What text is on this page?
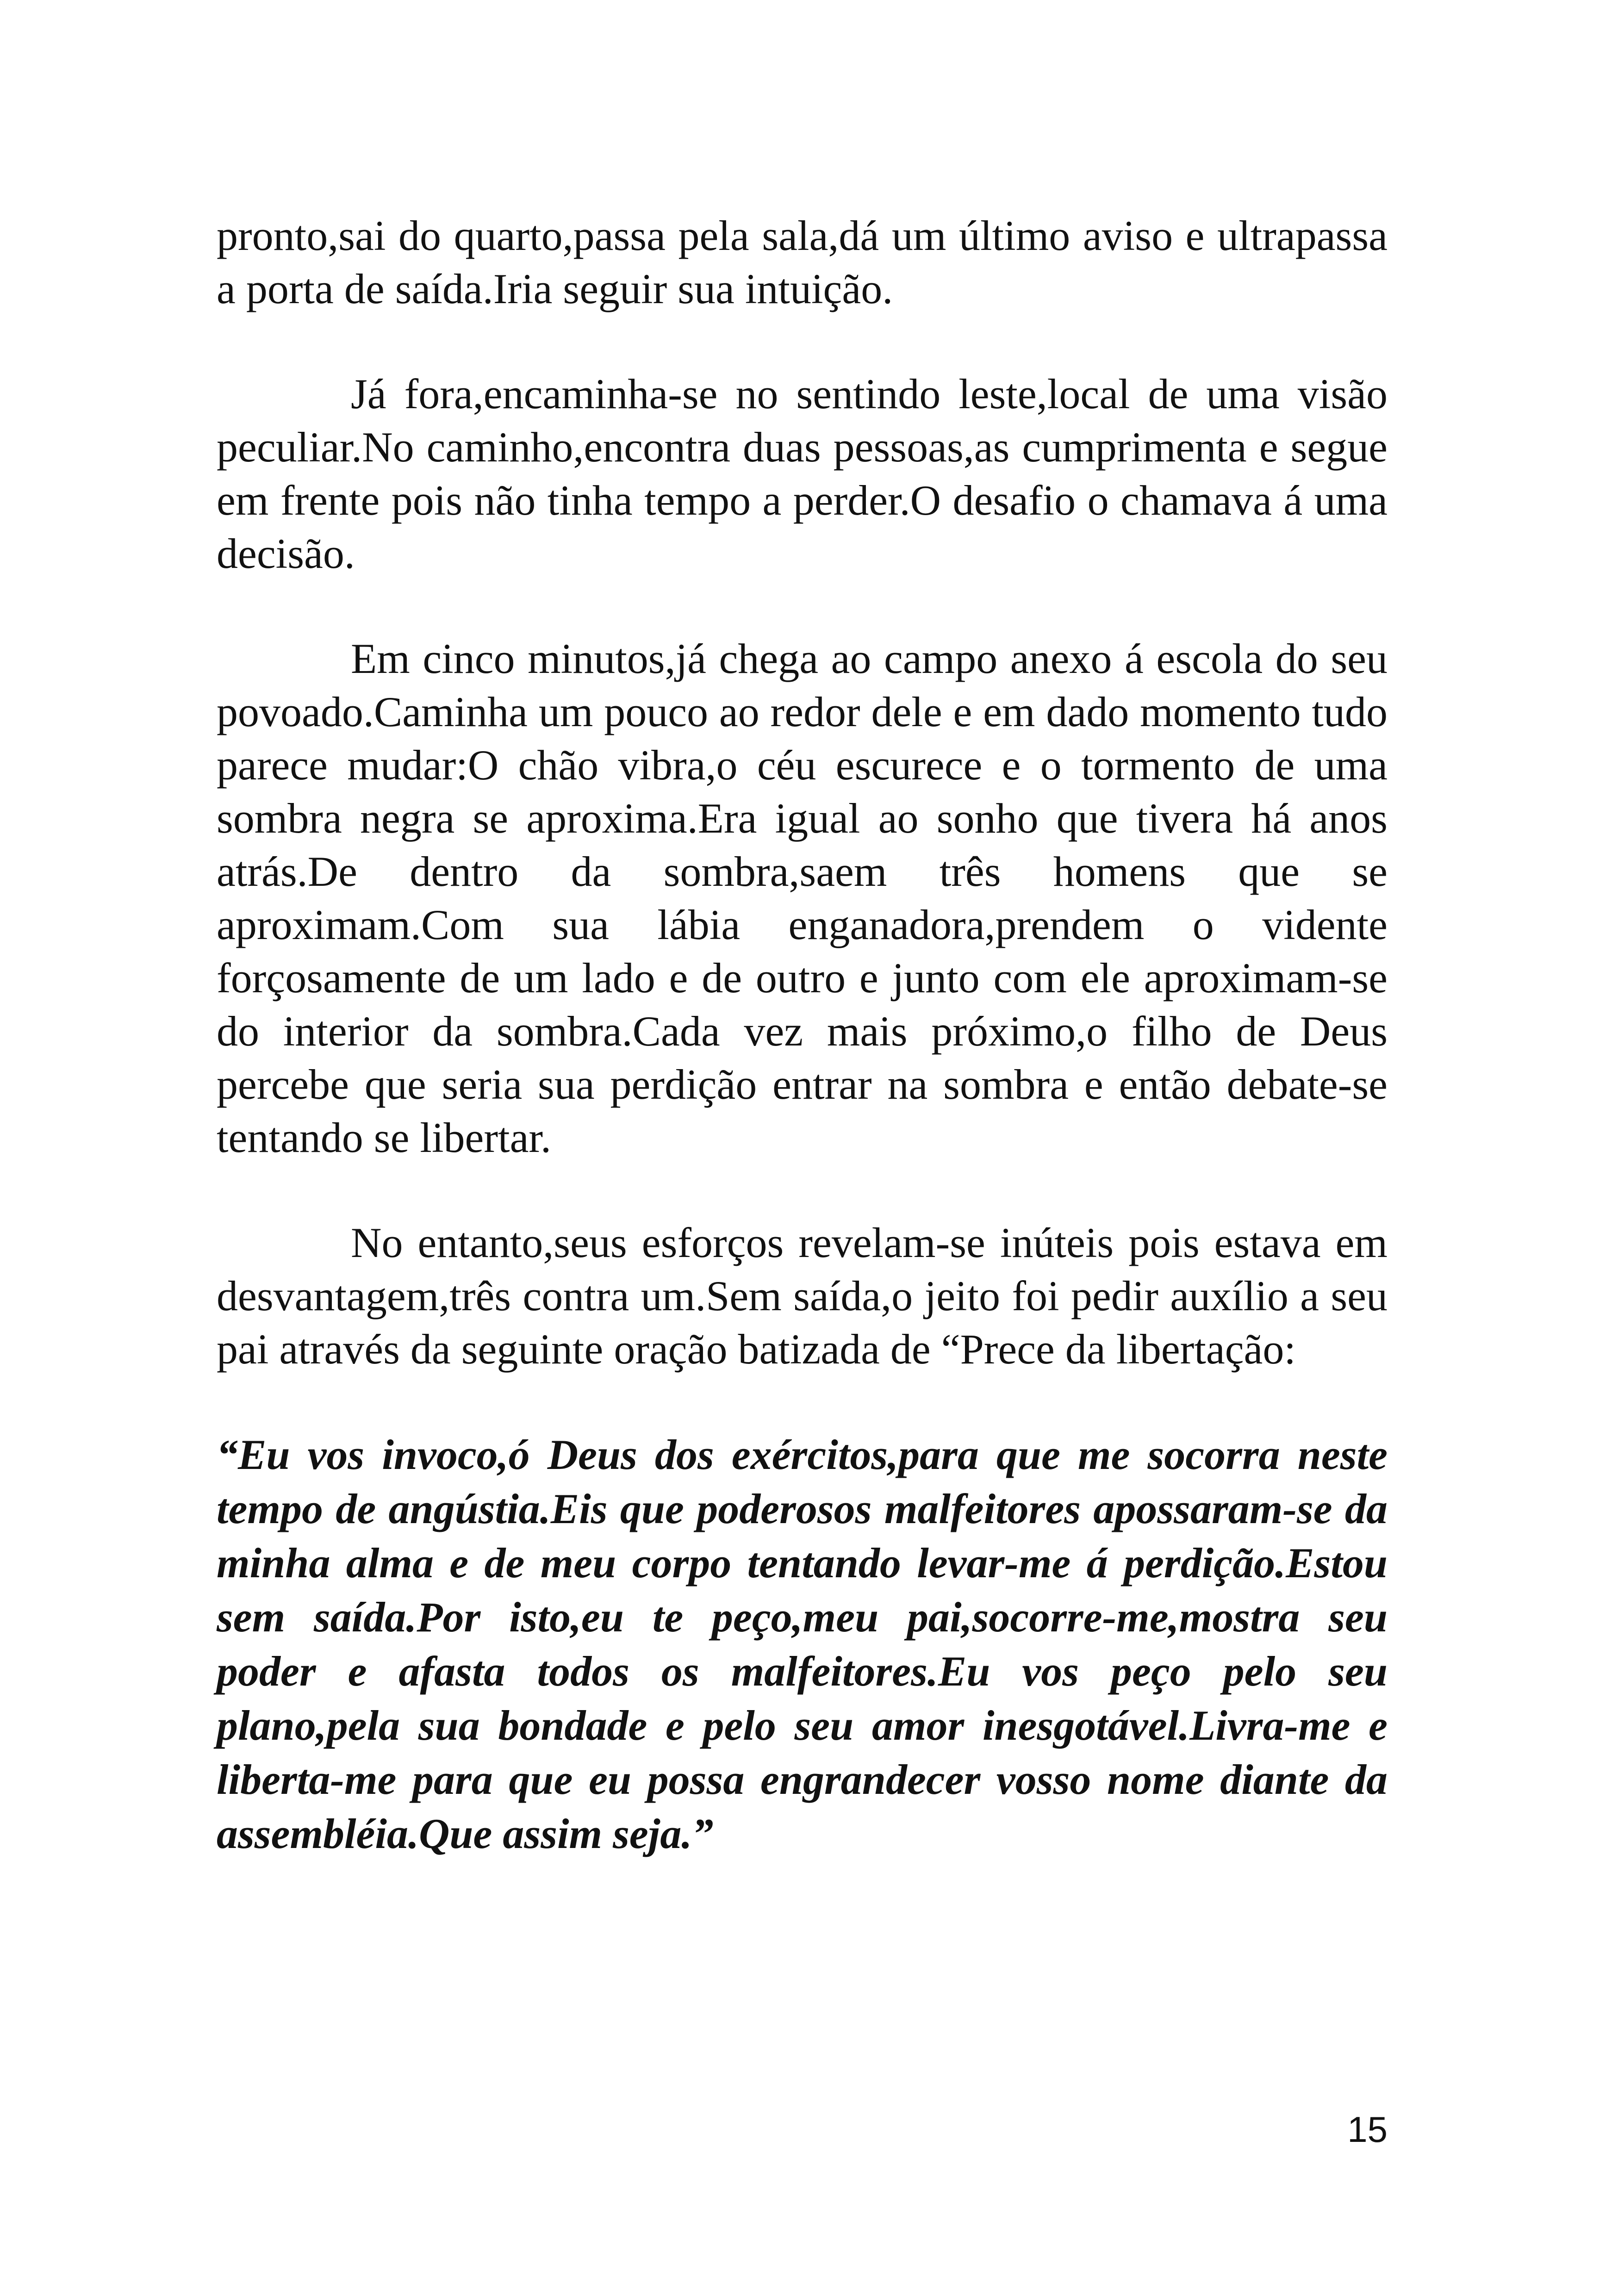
pronto,sai do quarto,passa pela sala,dá um último aviso e ultrapassa a porta de saída.Iria seguir sua intuição.

Já fora,encaminha-se no sentindo leste,local de uma visão peculiar.No caminho,encontra duas pessoas,as cumprimenta e segue em frente pois não tinha tempo a perder.O desafio o chamava á uma decisão.

Em cinco minutos,já chega ao campo anexo á escola do seu povoado.Caminha um pouco ao redor dele e em dado momento tudo parece mudar:O chão vibra,o céu escurece e o tormento de uma sombra negra se aproxima.Era igual ao sonho que tivera há anos atrás.De dentro da sombra,saem três homens que se aproximam.Com sua lábia enganadora,prendem o vidente forçosamente de um lado e de outro e junto com ele aproximam-se do interior da sombra.Cada vez mais próximo,o filho de Deus percebe que seria sua perdição entrar na sombra e então debate-se tentando se libertar.

No entanto,seus esforços revelam-se inúteis pois estava em desvantagem,três contra um.Sem saída,o jeito foi pedir auxílio a seu pai através da seguinte oração batizada de “Prece da libertação:

“Eu vos invoco,ó Deus dos exércitos,para que me socorra neste tempo de angústia.Eis que poderosos malfeitores apossaram-se da minha alma e de meu corpo tentando levar-me á perdição.Estou sem saída.Por isto,eu te peço,meu pai,socorre-me,mostra seu poder e afasta todos os malfeitores.Eu vos peço pelo seu plano,pela sua bondade e pelo seu amor inesgotável.Livra-me e liberta-me para que eu possa engrandecer vosso nome diante da assembléia.Que assim seja.”

15
